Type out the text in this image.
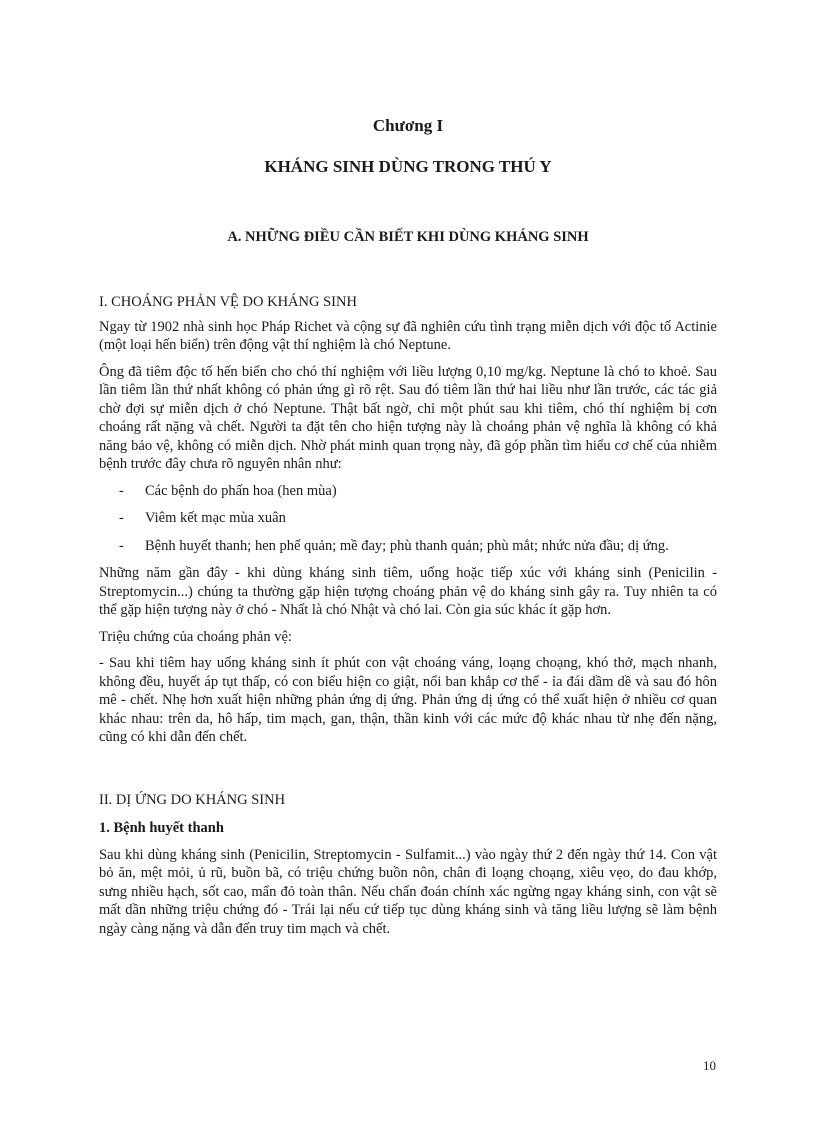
Chương I
KHÁNG SINH DÙNG TRONG THÚ Y
A. NHỮNG ĐIỀU CẦN BIẾT KHI DÙNG KHÁNG SINH
I. CHOÁNG PHẢN VỆ DO KHÁNG SINH

Ngay từ 1902 nhà sinh học Pháp Richet và cộng sự đã nghiên cứu tình trạng miễn dịch với độc tố Actinie (một loại hến biển) trên động vật thí nghiệm là chó Neptune.

Ông đã tiêm độc tố hến biển cho chó thí nghiệm với liều lượng 0,10 mg/kg. Neptune là chó to khoẻ. Sau lần tiêm lần thứ nhất không có phản ứng gì rõ rệt. Sau đó tiêm lần thứ hai liều như lần trước, các tác giả chờ đợi sự miễn dịch ở chó Neptune. Thật bất ngờ, chỉ một phút sau khi tiêm, chó thí nghiệm bị cơn choáng rất nặng và chết. Người ta đặt tên cho hiện tượng này là choáng phản vệ nghĩa là không có khả năng bảo vệ, không có miễn dịch. Nhờ phát minh quan trọng này, đã góp phần tìm hiểu cơ chế của nhiễm bệnh trước đây chưa rõ nguyên nhân như:

- Các bệnh do phấn hoa (hen mùa)
- Viêm kết mạc mùa xuân
- Bệnh huyết thanh; hen phế quản; mề đay; phù thanh quản; phù mắt; nhức nửa đầu; dị ứng.

Những năm gần đây - khi dùng kháng sinh tiêm, uống hoặc tiếp xúc với kháng sinh (Penicilin - Streptomycin...) chúng ta thường gặp hiện tượng choáng phản vệ do kháng sinh gây ra. Tuy nhiên ta có thể gặp hiện tượng này ở chó - Nhất là chó Nhật và chó lai. Còn gia súc khác ít gặp hơn.

Triệu chứng của choáng phản vệ:

- Sau khi tiêm hay uống kháng sinh ít phút con vật choáng váng, loạng choạng, khó thở, mạch nhanh, không đều, huyết áp tụt thấp, có con biểu hiện co giật, nổi ban khắp cơ thể - ỉa đái dầm dề và sau đó hôn mê - chết. Nhẹ hơn xuất hiện những phản ứng dị ứng. Phản ứng dị ứng có thể xuất hiện ở nhiều cơ quan khác nhau: trên da, hô hấp, tim mạch, gan, thận, thần kinh với các mức độ khác nhau từ nhẹ đến nặng, cũng có khi dẫn đến chết.

II. DỊ ỨNG DO KHÁNG SINH
1. Bệnh huyết thanh

Sau khi dùng kháng sinh (Penicilin, Streptomycin - Sulfamit...) vào ngày thứ 2 đến ngày thứ 14. Con vật bỏ ăn, mệt mỏi, ủ rũ, buồn bã, có triệu chứng buồn nôn, chân đi loạng choạng, xiêu vẹo, do đau khớp, sưng nhiều hạch, sốt cao, mẩn đỏ toàn thân. Nếu chẩn đoán chính xác ngừng ngay kháng sinh, con vật sẽ mất dần những triệu chứng đó - Trái lại nếu cứ tiếp tục dùng kháng sinh và tăng liều lượng sẽ làm bệnh ngày càng nặng và dẫn đến truy tim mạch và chết.

10
